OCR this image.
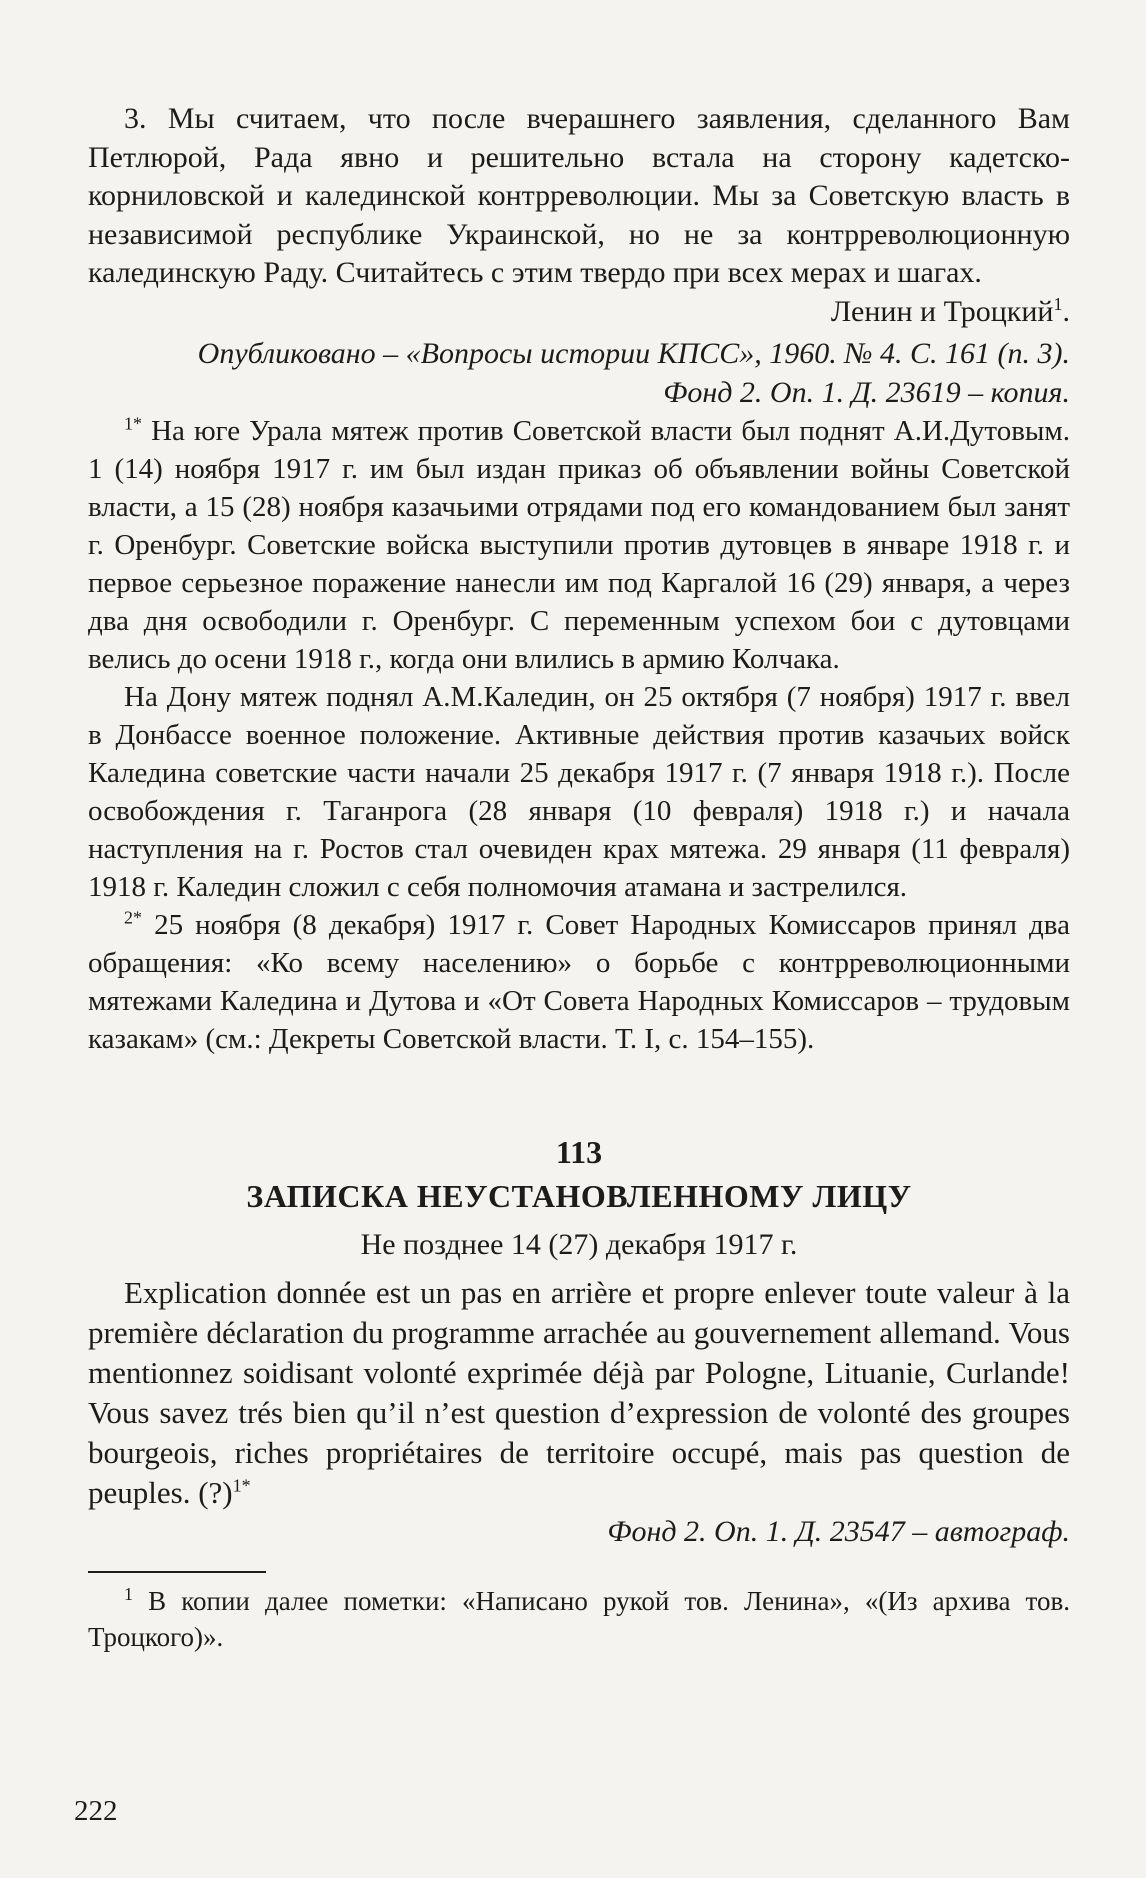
3. Мы считаем, что после вчерашнего заявления, сделанного Вам Петлюрой, Рада явно и решительно встала на сторону кадетско-корниловской и калединской контрреволюции. Мы за Советскую власть в независимой республике Украинской, но не за контрреволюционную калединскую Раду. Считайтесь с этим твердо при всех мерах и шагах.

Ленин и Троцкий$^1$.

Опубликовано – «Вопросы истории КПСС», 1960. № 4. С. 161 (п. 3).

Фонд 2. Оп. 1. Д. 23619 – копия.

$^{1*}$ На юге Урала мятеж против Советской власти был поднят А.И.Дутовым. 1 (14) ноября 1917 г. им был издан приказ об объявлении войны Советской власти, а 15 (28) ноября казачьими отрядами под его командованием был занят г. Оренбург. Советские войска выступили против дутовцев в январе 1918 г. и первое серьезное поражение нанесли им под Каргалой 16 (29) января, а через два дня освободили г. Оренбург. С переменным успехом бои с дутовцами велись до осени 1918 г., когда они влились в армию Колчака.

На Дону мятеж поднял А.М.Каледин, он 25 октября (7 ноября) 1917 г. ввел в Донбассе военное положение. Активные действия против казачьих войск Каледина советские части начали 25 декабря 1917 г. (7 января 1918 г.). После освобождения г. Таганрога (28 января (10 февраля) 1918 г.) и начала наступления на г. Ростов стал очевиден крах мятежа. 29 января (11 февраля) 1918 г. Каледин сложил с себя полномочия атамана и застрелился.

$^{2*}$ 25 ноября (8 декабря) 1917 г. Совет Народных Комиссаров принял два обращения: «Ко всему населению» о борьбе с контрреволюционными мятежами Каледина и Дутова и «От Совета Народных Комиссаров – трудовым казакам» (см.: Декреты Советской власти. Т. I, с. 154–155).

113

ЗАПИСКА НЕУСТАНОВЛЕННОМУ ЛИЦУ

Не позднее 14 (27) декабря 1917 г.

Explication donnée est un pas en arrière et propre enlever toute valeur à la première déclaration du programme arrachée au gouvernement allemand. Vous mentionnez soidisant volonté exprimée déjà par Pologne, Lituanie, Curlande! Vous savez trés bien qu’il n’est question d’expression de volonté des groupes bourgeois, riches propriétaires de territoire occupé, mais pas question de peuples. (?)$^{1*}$

Фонд 2. Оп. 1. Д. 23547 – автограф.

$^1$ В копии далее пометки: «Написано рукой тов. Ленина», «(Из архива тов. Троцкого)».

222
